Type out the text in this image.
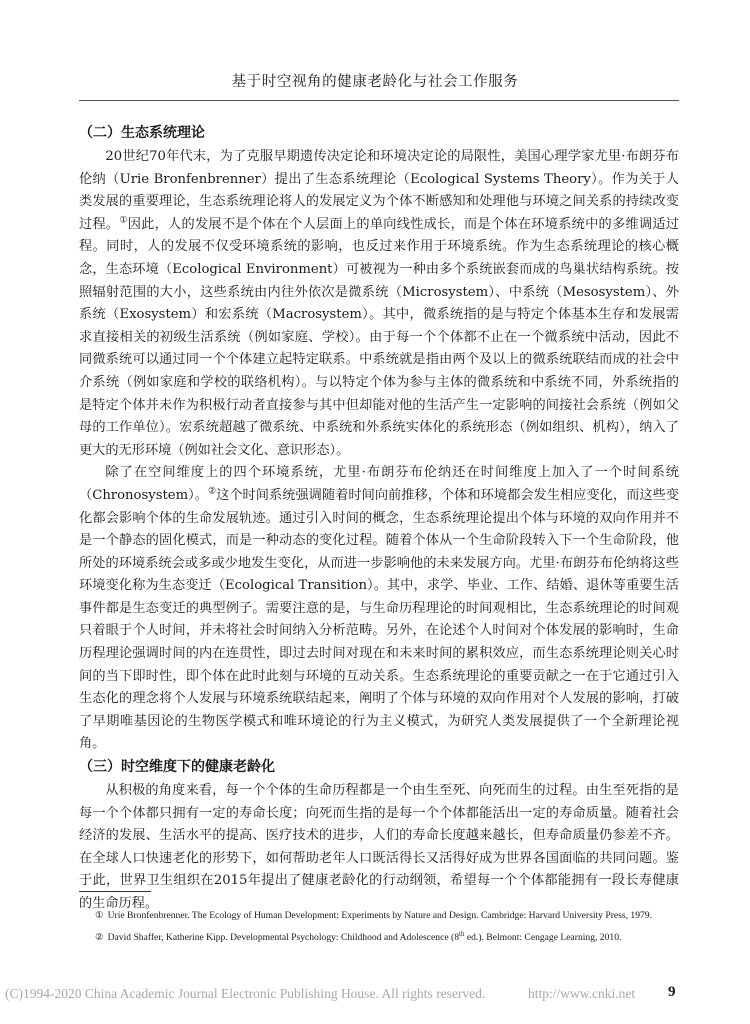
基于时空视角的健康老龄化与社会工作服务
（二）生态系统理论

20世纪70年代末，为了克服早期遗传决定论和环境决定论的局限性，美国心理学家尤里·布朗芬布伦纳（Urie Bronfenbrenner）提出了生态系统理论（Ecological Systems Theory）。作为关于人类发展的重要理论，生态系统理论将人的发展定义为个体不断感知和处理他与环境之间关系的持续改变过程。①因此，人的发展不是个体在个人层面上的单向线性成长，而是个体在环境系统中的多维调适过程。同时，人的发展不仅受环境系统的影响，也反过来作用于环境系统。作为生态系统理论的核心概念，生态环境（Ecological Environment）可被视为一种由多个系统嵌套而成的鸟巢状结构系统。按照辐射范围的大小，这些系统由内往外依次是微系统（Microsystem）、中系统（Mesosystem）、外系统（Exosystem）和宏系统（Macrosystem）。其中，微系统指的是与特定个体基本生存和发展需求直接相关的初级生活系统（例如家庭、学校）。由于每一个个体都不止在一个微系统中活动，因此不同微系统可以通过同一个个体建立起特定联系。中系统就是指由两个及以上的微系统联结而成的社会中介系统（例如家庭和学校的联络机构）。与以特定个体为参与主体的微系统和中系统不同，外系统指的是特定个体并未作为积极行动者直接参与其中但却能对他的生活产生一定影响的间接社会系统（例如父母的工作单位）。宏系统超越了微系统、中系统和外系统实体化的系统形态（例如组织、机构），纳入了更大的无形环境（例如社会文化、意识形态）。

除了在空间维度上的四个环境系统，尤里·布朗芬布伦纳还在时间维度上加入了一个时间系统（Chronosystem）。②这个时间系统强调随着时间向前推移，个体和环境都会发生相应变化，而这些变化都会影响个体的生命发展轨迹。通过引入时间的概念，生态系统理论提出个体与环境的双向作用并不是一个静态的固化模式，而是一种动态的变化过程。随着个体从一个生命阶段转入下一个生命阶段，他所处的环境系统会或多或少地发生变化，从而进一步影响他的未来发展方向。尤里·布朗芬布伦纳将这些环境变化称为生态变迁（Ecological Transition）。其中，求学、毕业、工作、结婚、退休等重要生活事件都是生态变迁的典型例子。需要注意的是，与生命历程理论的时间观相比，生态系统理论的时间观只着眼于个人时间，并未将社会时间纳入分析范畴。另外，在论述个人时间对个体发展的影响时，生命历程理论强调时间的内在连贯性，即过去时间对现在和未来时间的累积效应，而生态系统理论则关心时间的当下即时性，即个体在此时此刻与环境的互动关系。生态系统理论的重要贡献之一在于它通过引入生态化的理念将个人发展与环境系统联结起来，阐明了个体与环境的双向作用对个人发展的影响，打破了早期唯基因论的生物医学模式和唯环境论的行为主义模式，为研究人类发展提供了一个全新理论视角。

（三）时空维度下的健康老龄化

从积极的角度来看，每一个个体的生命历程都是一个由生至死、向死而生的过程。由生至死指的是每一个个体都只拥有一定的寿命长度；向死而生指的是每一个个体都能活出一定的寿命质量。随着社会经济的发展、生活水平的提高、医疗技术的进步，人们的寿命长度越来越长，但寿命质量仍参差不齐。在全球人口快速老化的形势下，如何帮助老年人口既活得长又活得好成为世界各国面临的共同问题。鉴于此，世界卫生组织在2015年提出了健康老龄化的行动纲领，希望每一个个体都能拥有一段长寿健康的生命历程。

① Urie Bronfenbrenner. The Ecology of Human Development: Experiments by Nature and Design. Cambridge: Harvard University Press, 1979.

② David Shaffer, Katherine Kipp. Developmental Psychology: Childhood and Adolescence (8th ed.). Belmont: Cengage Learning, 2010.

(C)1994-2020 China Academic Journal Electronic Publishing House. All rights reserved.	http://www.cnki.net 9
